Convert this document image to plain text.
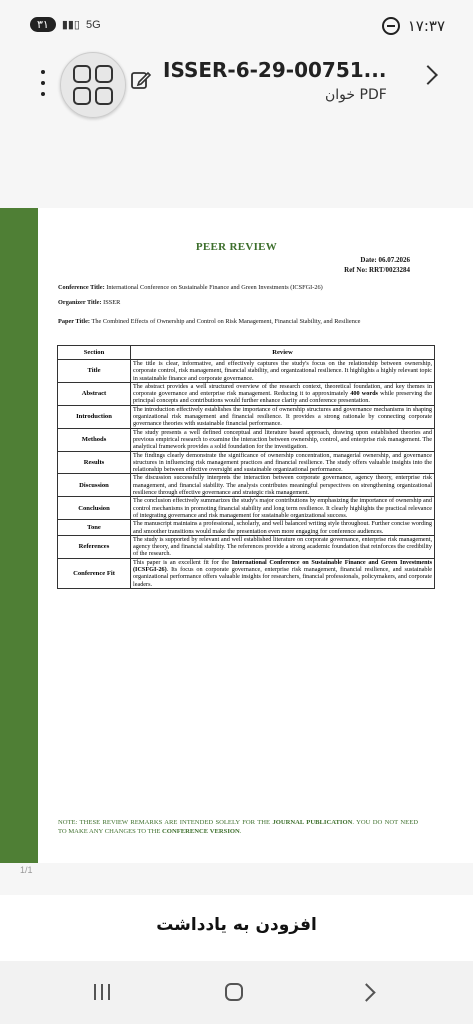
۳۱	▮▮▯ 5G	۱۷:۳۷
ISSER-6-29-00751...
PDF خوان
PEER REVIEW
Date: 06.07.2026
Ref No: RRT/0023284
Conference Title: International Conference on Sustainable Finance and Green Investments (ICSFGI-26)
Organizer Title: ISSER
Paper Title: The Combined Effects of Ownership and Control on Risk Management, Financial Stability, and Resilience
Section	Review
Title	The title is clear, informative, and effectively captures the study's focus on the relationship between ownership, corporate control, risk management, financial stability, and organizational resilience. It highlights a highly relevant topic in sustainable finance and corporate governance.
Abstract	The abstract provides a well structured overview of the research context, theoretical foundation, and key themes in corporate governance and enterprise risk management. Reducing it to approximately 400 words while preserving the principal concepts and contributions would further enhance clarity and conference presentation.
Introduction	The introduction effectively establishes the importance of ownership structures and governance mechanisms in shaping organizational risk management and financial resilience. It provides a strong rationale by connecting corporate governance theories with sustainable financial performance.
Methods	The study presents a well defined conceptual and literature based approach, drawing upon established theories and previous empirical research to examine the interaction between ownership, control, and enterprise risk management. The analytical framework provides a solid foundation for the investigation.
Results	The findings clearly demonstrate the significance of ownership concentration, managerial ownership, and governance structures in influencing risk management practices and financial resilience. The study offers valuable insights into the relationship between effective oversight and sustainable organizational performance.
Discussion	The discussion successfully interprets the interaction between corporate governance, agency theory, enterprise risk management, and financial stability. The analysis contributes meaningful perspectives on strengthening organizational resilience through effective governance and strategic risk management.
Conclusion	The conclusion effectively summarizes the study's major contributions by emphasizing the importance of ownership and control mechanisms in promoting financial stability and long term resilience. It clearly highlights the practical relevance of integrating governance and risk management for sustainable organizational success.
Tone	The manuscript maintains a professional, scholarly, and well balanced writing style throughout. Further concise wording and smoother transitions would make the presentation even more engaging for conference audiences.
References	The study is supported by relevant and well established literature on corporate governance, enterprise risk management, agency theory, and financial stability. The references provide a strong academic foundation that reinforces the credibility of the research.
Conference Fit	This paper is an excellent fit for the International Conference on Sustainable Finance and Green Investments (ICSFGI-26). Its focus on corporate governance, enterprise risk management, financial resilience, and sustainable organizational performance offers valuable insights for researchers, financial professionals, policymakers, and corporate leaders.
NOTE: THESE REVIEW REMARKS ARE INTENDED SOLELY FOR THE JOURNAL PUBLICATION. YOU DO NOT NEED TO MAKE ANY CHANGES TO THE CONFERENCE VERSION.
1/1
افزودن به یادداشت
